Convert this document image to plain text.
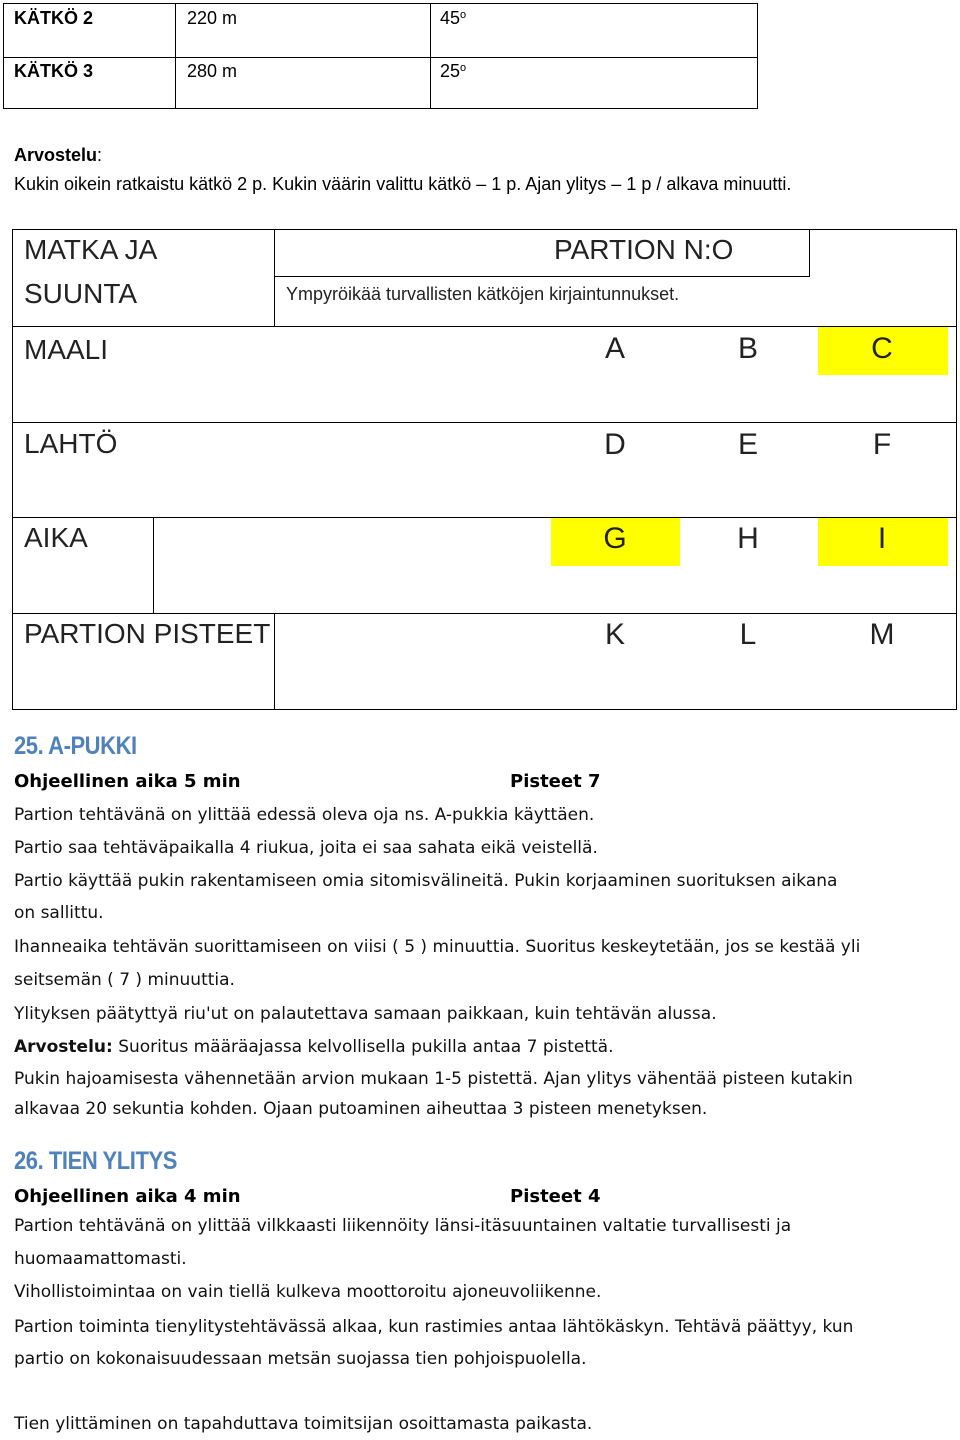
KÄTKÖ 2	220 m	45$^o$
KÄTKÖ 3	280 m	25$^o$
Arvostelu:
Kukin oikein ratkaistu kätkö 2 p. Kukin väärin valittu kätkö – 1 p. Ajan ylitys – 1 p / alkava minuutti.
MATKA JA
SUUNTA
PARTION N:O
Ympyröikää turvallisten kätköjen kirjaintunnukset.
MAALI	A	B	C
LAHTÖ	D	E	F
AIKA	G	H	I
PARTION PISTEET	K	L	M
25. A-PUKKI
Ohjeellinen aika 5 min	Pisteet 7
Partion tehtävänä on ylittää edessä oleva oja ns. A-pukkia käyttäen.
Partio saa tehtäväpaikalla 4 riukua, joita ei saa sahata eikä veistellä.
Partio käyttää pukin rakentamiseen omia sitomisvälineitä. Pukin korjaaminen suorituksen aikana
on sallittu.
Ihanneaika tehtävän suorittamiseen on viisi ( 5 ) minuuttia. Suoritus keskeytetään, jos se kestää yli
seitsemän ( 7 ) minuuttia.
Ylityksen päätyttyä riu'ut on palautettava samaan paikkaan, kuin tehtävän alussa.
Arvostelu: Suoritus määräajassa kelvollisella pukilla antaa 7 pistettä.
Pukin hajoamisesta vähennetään arvion mukaan 1-5 pistettä. Ajan ylitys vähentää pisteen kutakin
alkavaa 20 sekuntia kohden. Ojaan putoaminen aiheuttaa 3 pisteen menetyksen.
26. TIEN YLITYS
Ohjeellinen aika 4 min	Pisteet 4
Partion tehtävänä on ylittää vilkkaasti liikennöity länsi-itäsuuntainen valtatie turvallisesti ja
huomaamattomasti.
Vihollistoimintaa on vain tiellä kulkeva moottoroitu ajoneuvoliikenne.
Partion toiminta tienylitystehtävässä alkaa, kun rastimies antaa lähtökäskyn. Tehtävä päättyy, kun
partio on kokonaisuudessaan metsän suojassa tien pohjoispuolella.
Tien ylittäminen on tapahduttava toimitsijan osoittamasta paikasta.
